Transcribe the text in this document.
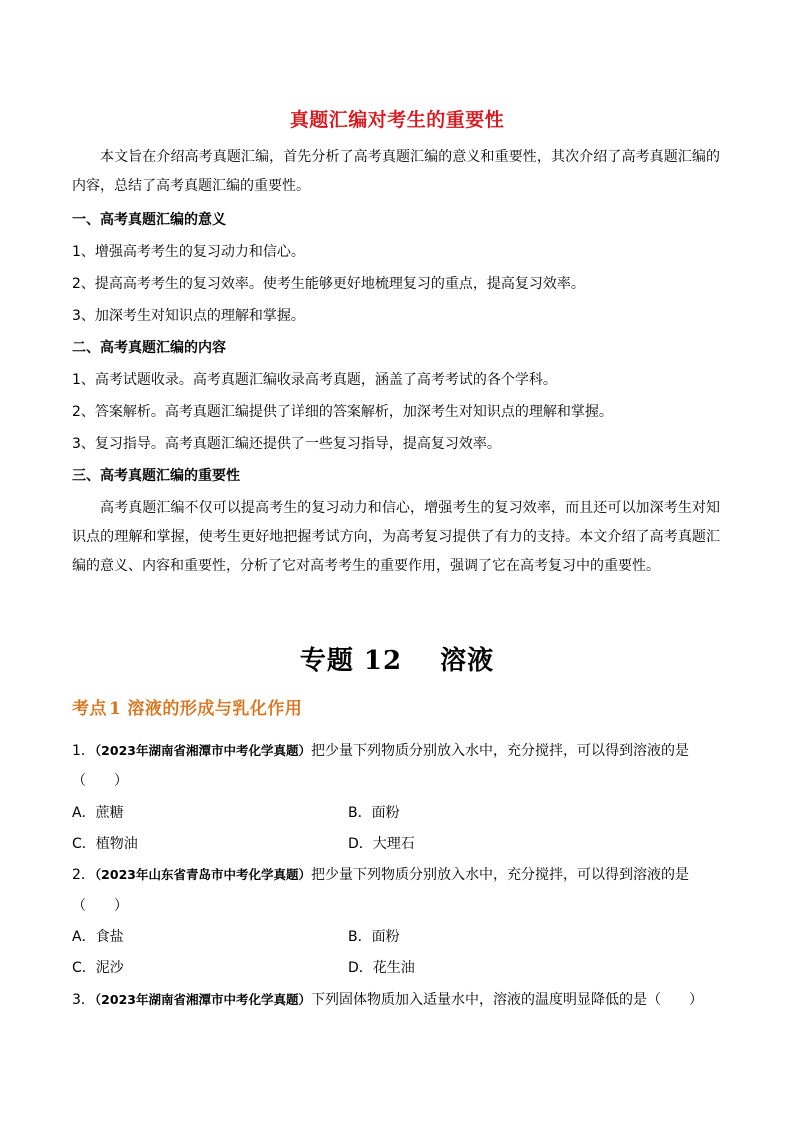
真题汇编对考生的重要性

本文旨在介绍高考真题汇编，首先分析了高考真题汇编的意义和重要性，其次介绍了高考真题汇编的内容，总结了高考真题汇编的重要性。

一、高考真题汇编的意义
1、增强高考考生的复习动力和信心。
2、提高高考考生的复习效率。使考生能够更好地梳理复习的重点，提高复习效率。
3、加深考生对知识点的理解和掌握。
二、高考真题汇编的内容
1、高考试题收录。高考真题汇编收录高考真题，涵盖了高考考试的各个学科。
2、答案解析。高考真题汇编提供了详细的答案解析，加深考生对知识点的理解和掌握。
3、复习指导。高考真题汇编还提供了一些复习指导，提高复习效率。
三、高考真题汇编的重要性

高考真题汇编不仅可以提高考生的复习动力和信心，增强考生的复习效率，而且还可以加深考生对知识点的理解和掌握，使考生更好地把握考试方向，为高考复习提供了有力的支持。本文介绍了高考真题汇编的意义、内容和重要性，分析了它对高考考生的重要作用，强调了它在高考复习中的重要性。

专题 12 溶液
考点 1 溶液的形成与乳化作用
1．（2023年湖南省湘潭市中考化学真题）把少量下列物质分别放入水中，充分搅拌，可以得到溶液的是
（　　）
A．蔗糖	B．面粉
C．植物油	D．大理石
2．（2023年山东省青岛市中考化学真题）把少量下列物质分别放入水中，充分搅拌，可以得到溶液的是
（　　）
A．食盐	B．面粉
C．泥沙	D．花生油
3．（2023年湖南省湘潭市中考化学真题）下列固体物质加入适量水中，溶液的温度明显降低的是（　　）
